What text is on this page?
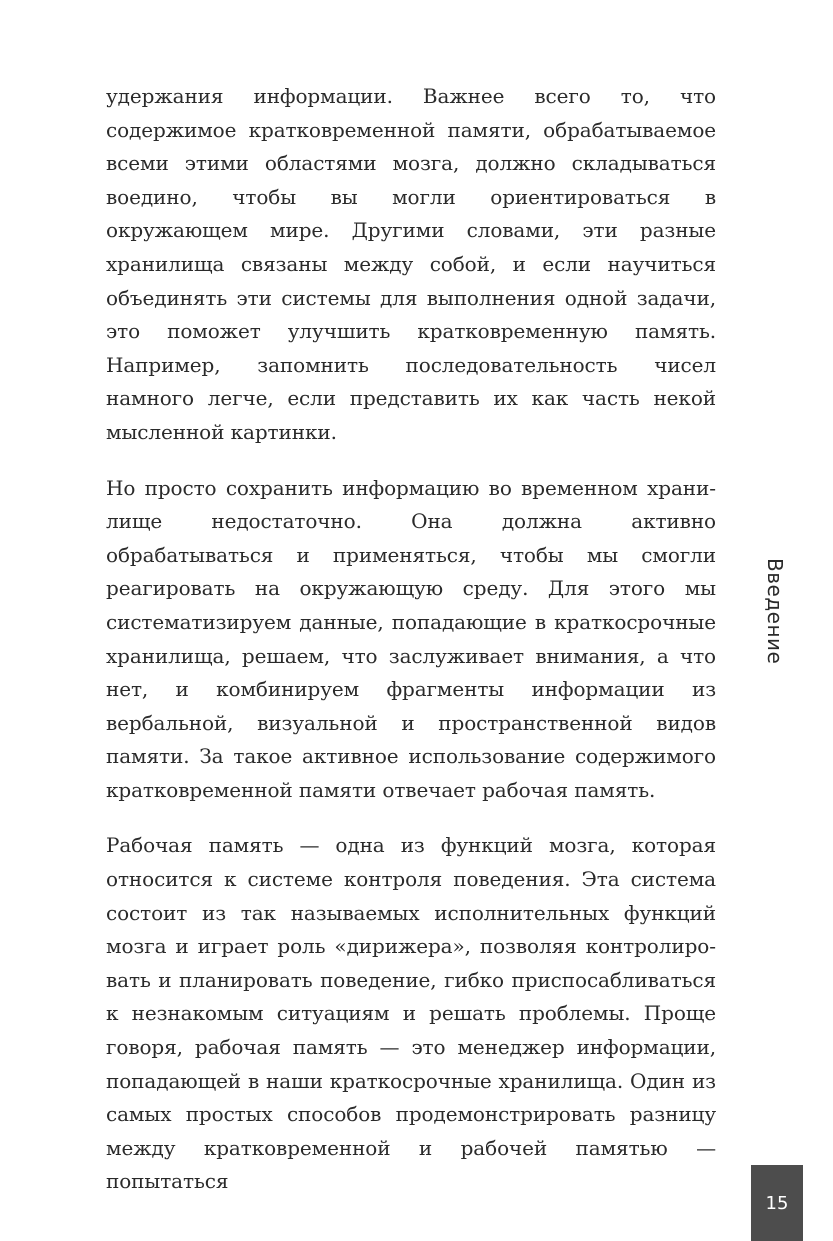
удержания информации. Важнее всего то, что содержимое кратковременной памяти, обрабатываемое всеми этими областями мозга, должно складываться воедино, чтобы вы могли ориентироваться в окружающем мире. Другими словами, эти разные хранилища связаны между собой, и если научиться объединять эти системы для выполнения одной задачи, это поможет улучшить кратковременную память. Например, запомнить последовательность чисел намного легче, если представить их как часть некой мысленной картинки.

Но просто сохранить информацию во временном хранилище недостаточно. Она должна активно обрабатываться и применяться, чтобы мы смогли реагировать на окружающую среду. Для этого мы систематизируем данные, попадающие в краткосрочные хранилища, решаем, что заслуживает внимания, а что нет, и комбинируем фрагменты информации из вербальной, визуальной и пространственной видов памяти. За такое активное использование содержимого кратковременной памяти отвечает рабочая память.

Рабочая память — одна из функций мозга, которая относится к системе контроля поведения. Эта система состоит из так называемых исполнительных функций мозга и играет роль «дирижера», позволяя контролировать и планировать поведение, гибко приспосабливаться к незнакомым ситуациям и решать проблемы. Проще говоря, рабочая память — это менеджер информации, попадающей в наши краткосрочные хранилища. Один из самых простых способов продемонстрировать разницу между кратковременной и рабочей памятью — попытаться

Введение
15
